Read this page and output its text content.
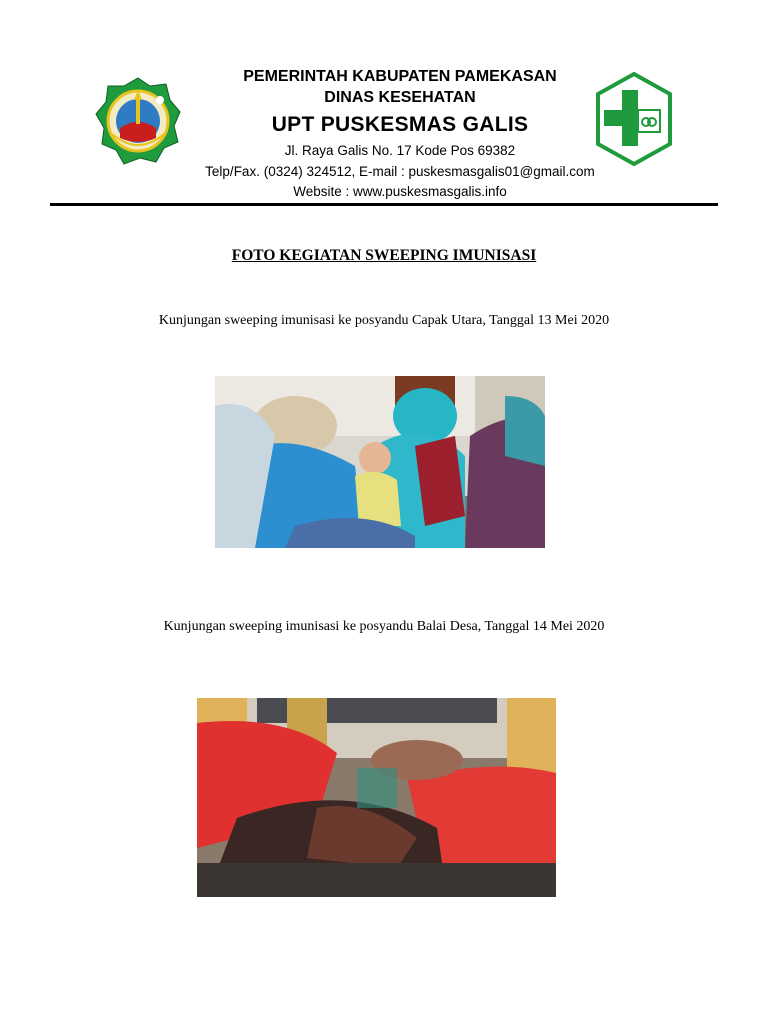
PEMERINTAH KABUPATEN PAMEKASAN
DINAS KESEHATAN
UPT PUSKESMAS GALIS
Jl. Raya Galis No. 17 Kode Pos 69382
Telp/Fax. (0324) 324512, E-mail : puskesmasgalis01@gmail.com
Website : www.puskesmasgalis.info
FOTO KEGIATAN SWEEPING IMUNISASI
Kunjungan sweeping imunisasi ke posyandu Capak Utara, Tanggal 13 Mei 2020
Kunjungan sweeping imunisasi ke posyandu Balai Desa, Tanggal 14 Mei 2020
